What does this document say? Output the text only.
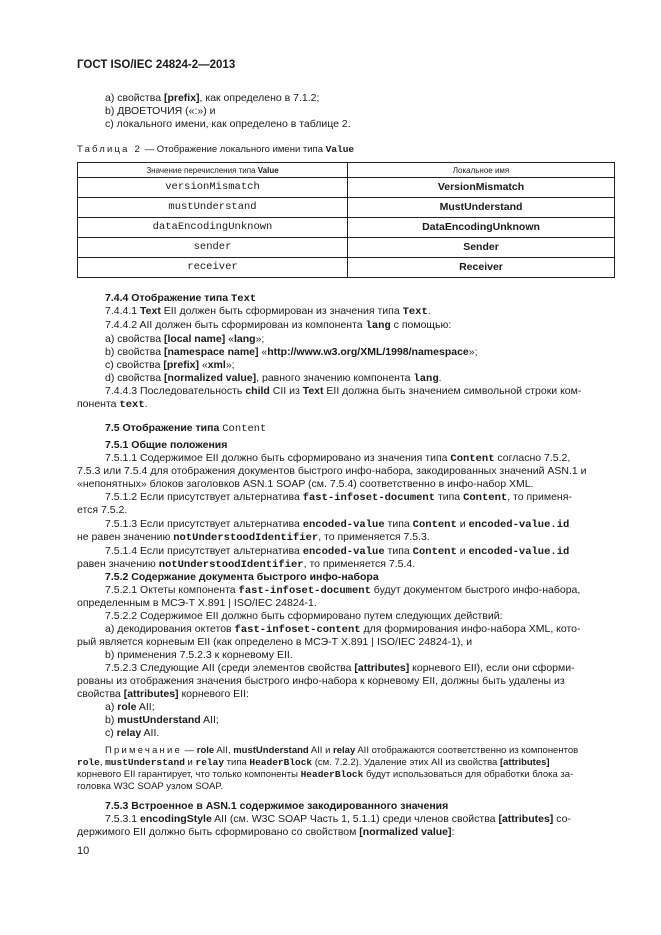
ГОСТ ISO/IEC 24824-2—2013
a) свойства [prefix], как определено в 7.1.2;
b) ДВОЕТОЧИЯ («:») и
c) локального имени, как определено в таблице 2.
Таблица 2 — Отображение локального имени типа Value
Значение перечисления типа Value	Локальное имя
versionMismatch	VersionMismatch
mustUnderstand	MustUnderstand
dataEncodingUnknown	DataEncodingUnknown
sender	Sender
receiver	Receiver
7.4.4 Отображение типа Text
7.4.4.1 Text EII должен быть сформирован из значения типа Text.
7.4.4.2 AII должен быть сформирован из компонента lang с помощью:
a) свойства [local name] «lang»;
b) свойства [namespace name] «http://www.w3.org/XML/1998/namespace»;
c) свойства [prefix] «xml»;
d) свойства [normalized value], равного значению компонента lang.
7.4.4.3 Последовательность child CII из Text EII должна быть значением символьной строки ком-
понента text.
7.5 Отображение типа Content
7.5.1 Общие положения
7.5.1.1 Содержимое EII должно быть сформировано из значения типа Content согласно 7.5.2,
7.5.3 или 7.5.4 для отображения документов быстрого инфо-набора, закодированных значений ASN.1 и
«непонятных» блоков заголовков ASN.1 SOAP (см. 7.5.4) соответственно в инфо-набор XML.
7.5.1.2 Если присутствует альтернатива fast-infoset-document типа Content, то применя-
ется 7.5.2.
7.5.1.3 Если присутствует альтернатива encoded-value типа Content и encoded-value.id
не равен значению notUnderstoodIdentifier, то применяется 7.5.3.
7.5.1.4 Если присутствует альтернатива encoded-value типа Content и encoded-value.id
равен значению notUnderstoodIdentifier, то применяется 7.5.4.
7.5.2 Содержание документа быстрого инфо-набора
7.5.2.1 Октеты компонента fast-infoset-document будут документом быстрого инфо-набора,
определенным в МСЭ-Т X.891 | ISO/IEC 24824-1.
7.5.2.2 Содержимое EII должно быть сформировано путем следующих действий:
a) декодирования октетов fast-infoset-content для формирования инфо-набора XML, кото-
рый является корневым EII (как определено в МСЭ-Т X.891 | ISO/IEC 24824-1), и
b) применения 7.5.2.3 к корневому EII.
7.5.2.3 Следующие AII (среди элементов свойства [attributes] корневого EII), если они сформи-
рованы из отображения значения быстрого инфо-набора к корневому EII, должны быть удалены из
свойства [attributes] корневого EII:
a) role AII;
b) mustUnderstand AII;
c) relay AII.
Примечание — role AII, mustUnderstand AII и relay AII отображаются соответственно из компонентов
role, mustUnderstand и relay типа HeaderBlock (см. 7.2.2). Удаление этих AII из свойства [attributes]
корневого EII гарантирует, что только компоненты HeaderBlock будут использоваться для обработки блока за-
головка W3C SOAP узлом SOAP.
7.5.3 Встроенное в ASN.1 содержимое закодированного значения
7.5.3.1 encodingStyle AII (см. W3C SOAP Часть 1, 5.1.1) среди членов свойства [attributes] со-
держимого EII должно быть сформировано со свойством [normalized value]:
10
